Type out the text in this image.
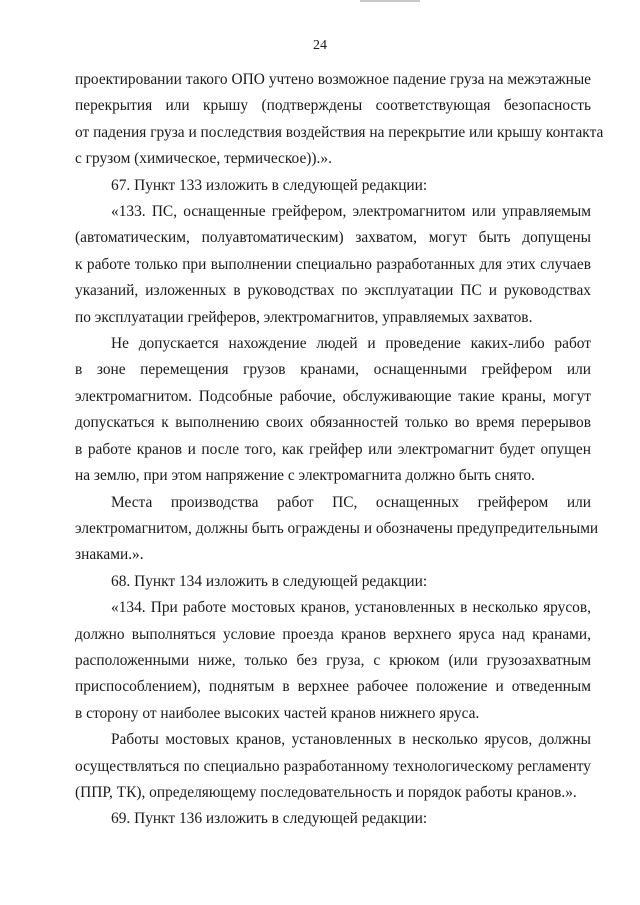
24
проектировании такого ОПО учтено возможное падение груза на межэтажные
перекрытия или крышу (подтверждены соответствующая безопасность
от падения груза и последствия воздействия на перекрытие или крышу контакта
с грузом (химическое, термическое)).».
67. Пункт 133 изложить в следующей редакции:
«133. ПС, оснащенные грейфером, электромагнитом или управляемым
(автоматическим, полуавтоматическим) захватом, могут быть допущены
к работе только при выполнении специально разработанных для этих случаев
указаний, изложенных в руководствах по эксплуатации ПС и руководствах
по эксплуатации грейферов, электромагнитов, управляемых захватов.
Не допускается нахождение людей и проведение каких-либо работ
в зоне перемещения грузов кранами, оснащенными грейфером или
электромагнитом. Подсобные рабочие, обслуживающие такие краны, могут
допускаться к выполнению своих обязанностей только во время перерывов
в работе кранов и после того, как грейфер или электромагнит будет опущен
на землю, при этом напряжение с электромагнита должно быть снято.
Места производства работ ПС, оснащенных грейфером или
электромагнитом, должны быть ограждены и обозначены предупредительными
знаками.».
68. Пункт 134 изложить в следующей редакции:
«134. При работе мостовых кранов, установленных в несколько ярусов,
должно выполняться условие проезда кранов верхнего яруса над кранами,
расположенными ниже, только без груза, с крюком (или грузозахватным
приспособлением), поднятым в верхнее рабочее положение и отведенным
в сторону от наиболее высоких частей кранов нижнего яруса.
Работы мостовых кранов, установленных в несколько ярусов, должны
осуществляться по специально разработанному технологическому регламенту
(ППР, ТК), определяющему последовательность и порядок работы кранов.».
69. Пункт 136 изложить в следующей редакции:
